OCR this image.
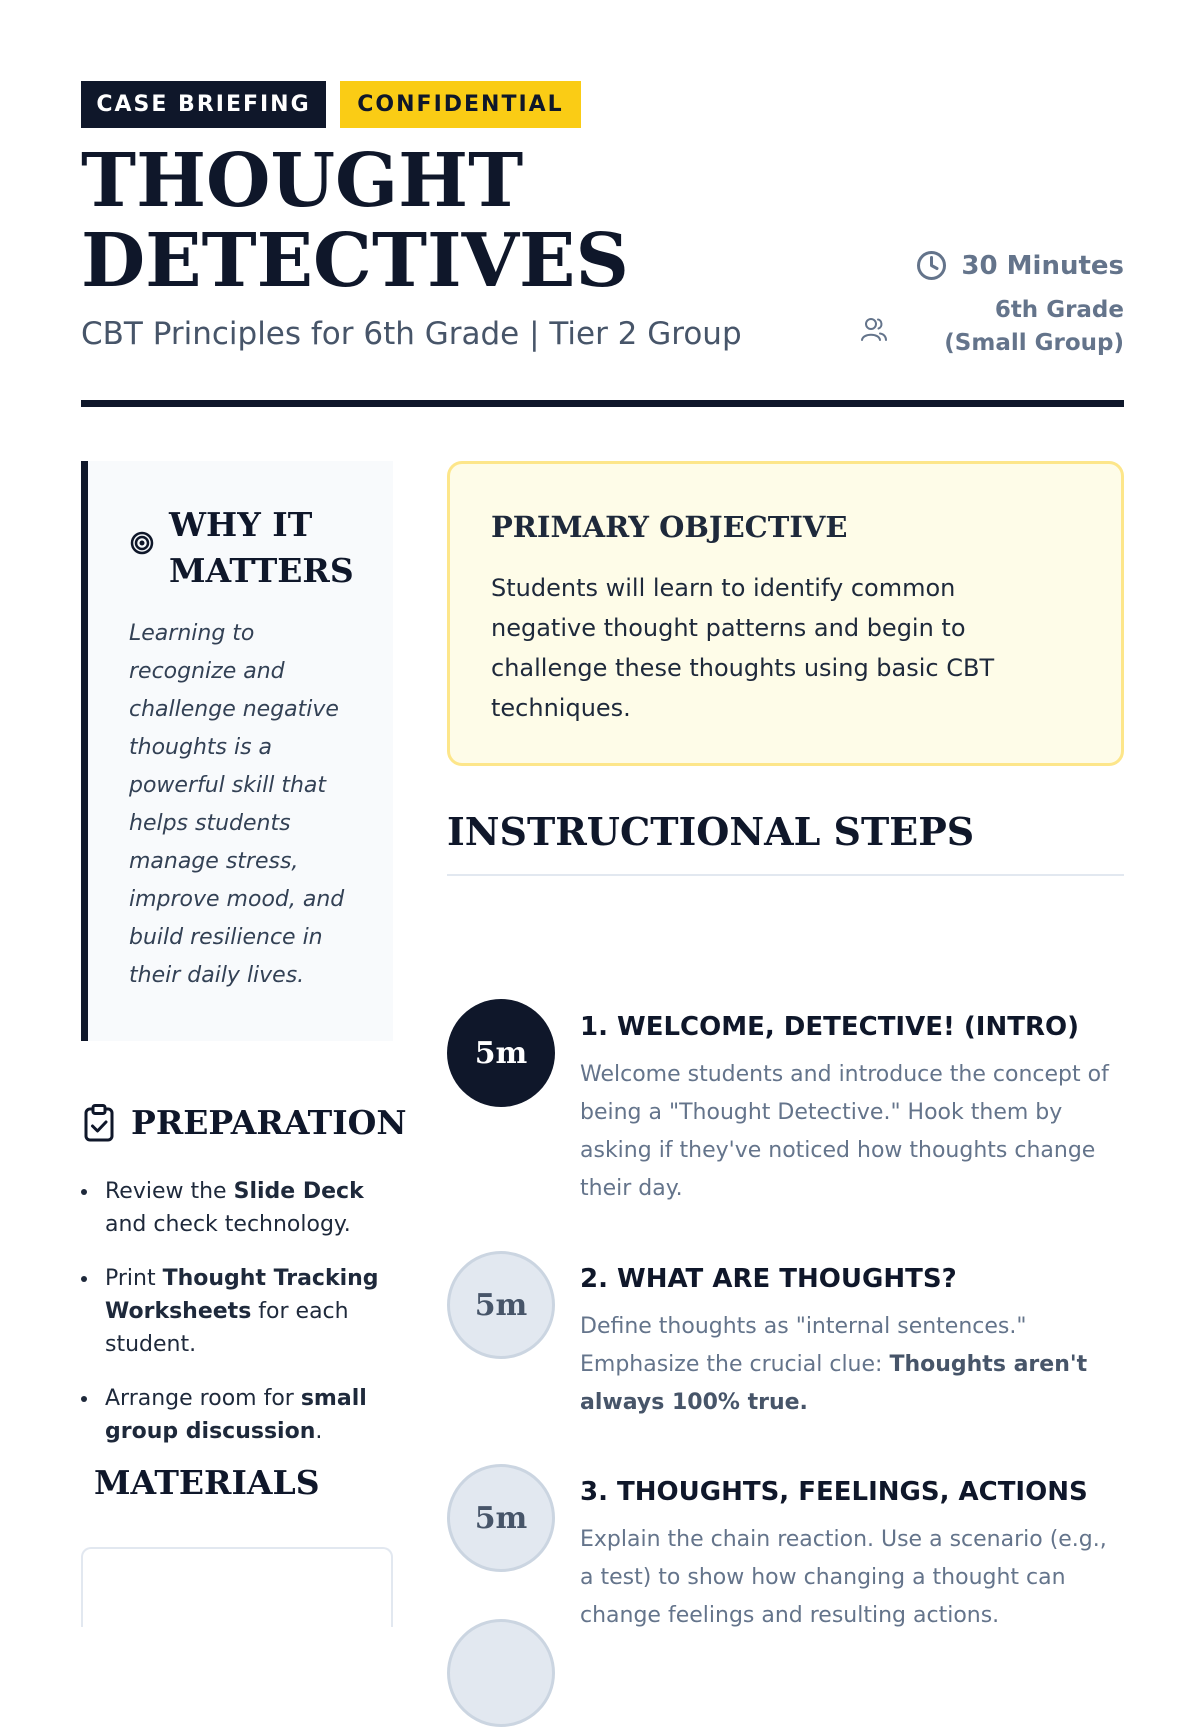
CASE BRIEFING	CONFIDENTIAL
THOUGHT
DETECTIVES

CBT Principles for 6th Grade | Tier 2 Group

30 Minutes
6th Grade (Small Group)
WHY IT MATTERS

Learning to recognize and challenge negative thoughts is a powerful skill that helps students manage stress, improve mood, and build resilience in their daily lives.

PREPARATION
Review the Slide Deck and check technology.
Print Thought Tracking Worksheets for each student.
Arrange room for small group discussion.
MATERIALS
PRIMARY OBJECTIVE

Students will learn to identify common negative thought patterns and begin to challenge these thoughts using basic CBT techniques.

INSTRUCTIONAL STEPS
5m
1. WELCOME, DETECTIVE! (INTRO)

Welcome students and introduce the concept of being a "Thought Detective." Hook them by asking if they've noticed how thoughts change their day.

5m
2. WHAT ARE THOUGHTS?

Define thoughts as "internal sentences." Emphasize the crucial clue: Thoughts aren't always 100% true.

5m
3. THOUGHTS, FEELINGS, ACTIONS

Explain the chain reaction. Use a scenario (e.g., a test) to show how changing a thought can change feelings and resulting actions.
